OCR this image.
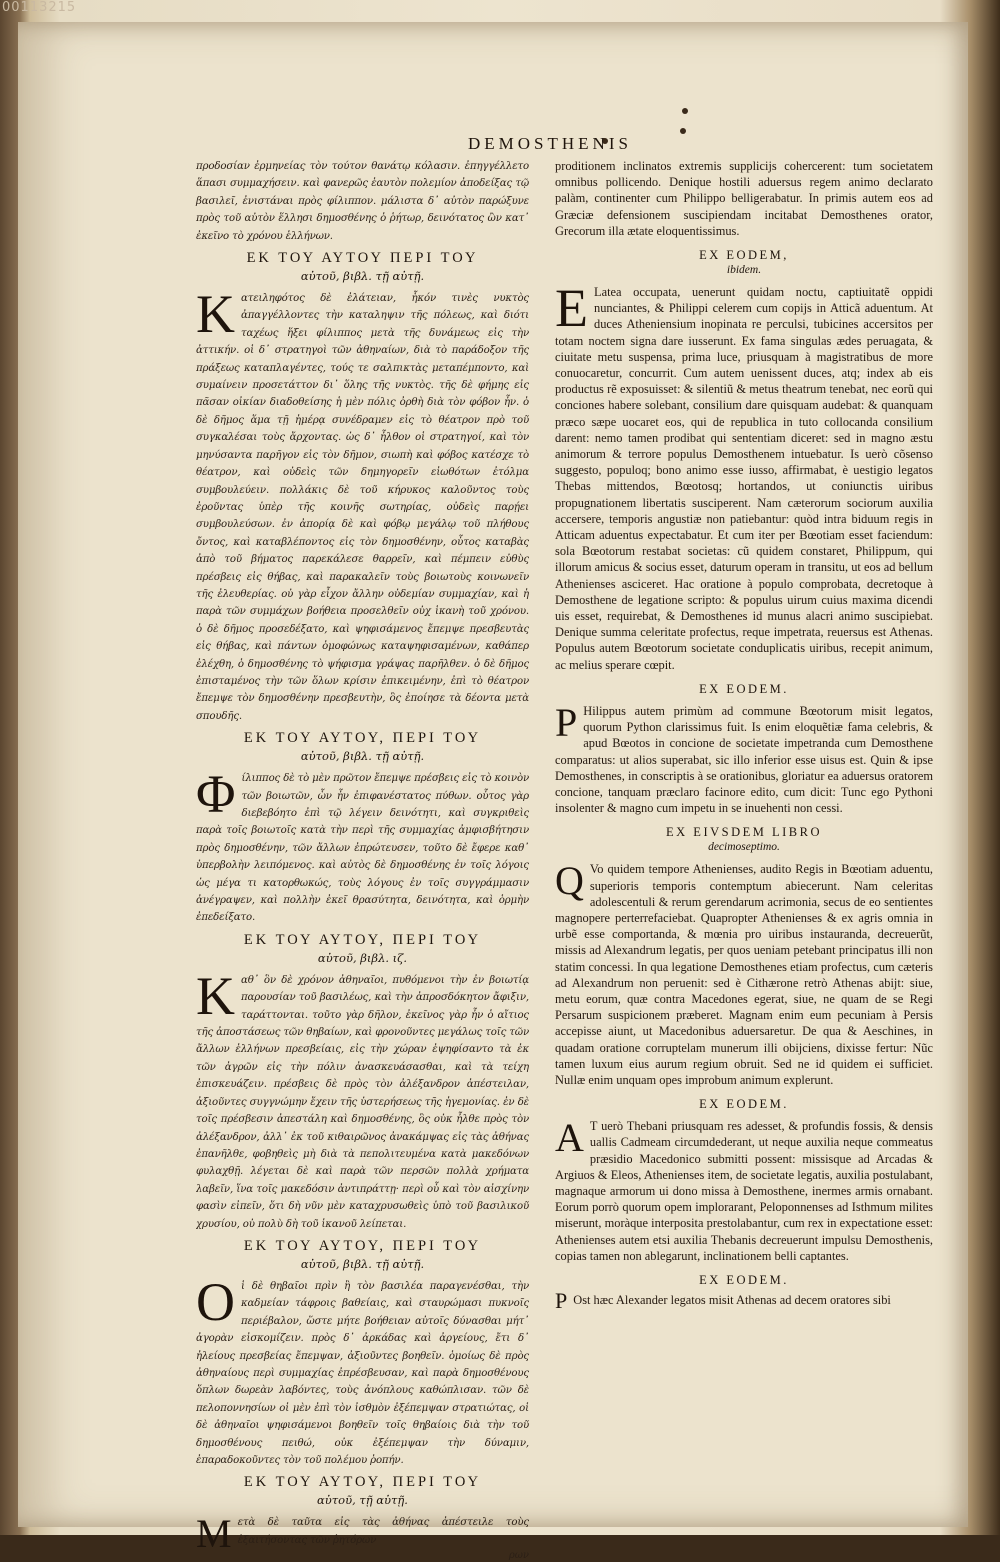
00113215
DEMOSTHENIS
προδοσίαν ἐρμηνείας τὸν τούτον θανάτῳ κόλασιν. ἐπηγγέλλετο ἅπασι συμμαχήσειν. καὶ φανερῶς ἑαυτὸν πολεμίον ἀποδείξας τῷ βασιλεῖ, ἐνιστάναι πρὸς φίλιππον. μάλιστα δ᾽ αὐτὸν παρώξυνε πρὸς τοῦ αὐτὸν ἕλλησι δημοσθένης ὁ ῥήτωρ, δεινότατος ὢν κατ᾽ ἐκεῖνο τὸ χρόνου ἑλλήνων.
ΕΚ ΤΟΥ ΑΥΤΟΥ ΠΕΡΙ ΤΟΥ
αὐτοῦ, βιβλ. τῇ αὐτῇ.
K ατειληφότος δὲ ἐλάτειαν, ἧκόν τινὲς νυκτὸς ἀπαγγέλλοντες τὴν καταληψιν τῆς πόλεως, καὶ διότι ταχέως ἥξει φίλιππος μετὰ τῆς δυνάμεως εἰς τὴν ἀττικήν. οἱ δ᾽ στρατηγοὶ τῶν ἀθηναίων, διὰ τὸ παράδοξον τῆς πράξεως καταπλαγέντες, τούς τε σαλπικτὰς μεταπέμποντο, καὶ συμαίνειν προσετάττον δι᾽ ὅλης τῆς νυκτὸς. τῆς δὲ φήμης εἰς πᾶσαν οἰκίαν διαδοθείσης ἡ μὲν πόλις ὀρθὴ διὰ τὸν φόβον ἦν. ὁ δὲ δῆμος ἅμα τῇ ἡμέρᾳ συνέδραμεν εἰς τὸ θέατρον πρὸ τοῦ συγκαλέσαι τοὺς ἄρχοντας. ὡς δ᾽ ἦλθον οἱ στρατηγοί, καὶ τὸν μηνύσαντα παρῆγον εἰς τὸν δῆμον, σιωπὴ καὶ φόβος κατέσχε τὸ θέατρον, καὶ οὐδεὶς τῶν δημηγορεῖν εἰωθότων ἐτόλμα συμβουλεύειν. πολλάκις δὲ τοῦ κήρυκος καλοῦντος τοὺς ἐροῦντας ὑπὲρ τῆς κοινῆς σωτηρίας, οὐδεὶς παρῄει συμβουλεύσων. ἐν ἀπορίᾳ δὲ καὶ φόβῳ μεγάλῳ τοῦ πλήθους ὄντος, καὶ καταβλέποντος εἰς τὸν δημοσθένην, οὗτος καταβὰς ἀπὸ τοῦ βήματος παρεκάλεσε θαρρεῖν, καὶ πέμπειν εὐθὺς πρέσβεις εἰς θήβας, καὶ παρακαλεῖν τοὺς βοιωτοὺς κοινωνεῖν τῆς ἐλευθερίας. οὐ γὰρ εἶχον ἄλλην οὐδεμίαν συμμαχίαν, καὶ ἡ παρὰ τῶν συμμάχων βοήθεια προσελθεῖν οὐχ ἱκανὴ τοῦ χρόνου. ὁ δὲ δῆμος προσεδέξατο, καὶ ψηφισάμενος ἔπεμψε πρεσβευτὰς εἰς θήβας, καὶ πάντων ὁμοφώνως καταψηφισαμένων, καθάπερ ἐλέχθη, ὁ δημοσθένης τὸ ψήφισμα γράψας παρῆλθεν. ὁ δὲ δῆμος ἐπισταμένος τὴν τῶν ὅλων κρίσιν ἐπικειμένην, ἐπὶ τὸ θέατρον ἔπεμψε τὸν δημοσθένην πρεσβευτὴν, ὃς ἐποίησε τὰ δέοντα μετὰ σπουδῆς.
ΕΚ ΤΟΥ ΑΥΤΟΥ, ΠΕΡΙ ΤΟΥ
αὐτοῦ, βιβλ. τῇ αὐτῇ.
Φ ίλιππος δὲ τὸ μὲν πρῶτον ἔπεμψε πρέσβεις εἰς τὸ κοινὸν τῶν βοιωτῶν, ὧν ἦν ἐπιφανέστατος πύθων. οὗτος γὰρ διεβεβόητο ἐπὶ τῷ λέγειν δεινότητι, καὶ συγκριθεὶς παρὰ τοῖς βοιωτοῖς κατὰ τὴν περὶ τῆς συμμαχίας ἀμφισβήτησιν πρὸς δημοσθένην, τῶν ἄλλων ἐπρώτευσεν, τοῦτο δὲ ἔφερε καθ᾽ ὑπερβολὴν λειπόμενος. καὶ αὐτὸς δὲ δημοσθένης ἐν τοῖς λόγοις ὡς μέγα τι κατορθωκώς, τοὺς λόγους ἐν τοῖς συγγράμμασιν ἀνέγραψεν, καὶ πολλὴν ἐκεῖ θρασύτητα, δεινότητα, καὶ ὁρμὴν ἐπεδείξατο.
ΕΚ ΤΟΥ ΑΥΤΟΥ, ΠΕΡΙ ΤΟΥ
αὐτοῦ, βιβλ. ιζ.
K αθ᾽ ὃν δὲ χρόνον ἀθηναῖοι, πυθόμενοι τὴν ἐν βοιωτίᾳ παρουσίαν τοῦ βασιλέως, καὶ τὴν ἀπροσδόκητον ἄφιξιν, ταράττονται. τοῦτο γὰρ δῆλον, ἐκεῖνος γὰρ ἦν ὁ αἴτιος τῆς ἀποστάσεως τῶν θηβαίων, καὶ φρονοῦντες μεγάλως τοῖς τῶν ἄλλων ἑλλήνων πρεσβείαις, εἰς τὴν χώραν ἐψηφίσαντο τὰ ἐκ τῶν ἀγρῶν εἰς τὴν πόλιν ἀνασκευάσασθαι, καὶ τὰ τείχη ἐπισκευάζειν. πρέσβεις δὲ πρὸς τὸν ἀλέξανδρον ἀπέστειλαν, ἀξιοῦντες συγγνώμην ἔχειν τῆς ὑστερήσεως τῆς ἡγεμονίας. ἐν δὲ τοῖς πρέσβεσιν ἀπεστάλη καὶ δημοσθένης, ὃς οὐκ ἦλθε πρὸς τὸν ἀλέξανδρον, ἀλλ᾽ ἐκ τοῦ κιθαιρῶνος ἀνακάμψας εἰς τὰς ἀθήνας ἐπανῆλθε, φοβηθεὶς μὴ διὰ τὰ πεπολιτευμένα κατὰ μακεδόνων φυλαχθῇ. λέγεται δὲ καὶ παρὰ τῶν περσῶν πολλὰ χρήματα λαβεῖν, ἵνα τοῖς μακεδόσιν ἀντιπράττῃ· περὶ οὗ καὶ τὸν αἰσχίνην φασὶν εἰπεῖν, ὅτι δὴ νῦν μὲν καταχρυσωθεὶς ὑπὸ τοῦ βασιλικοῦ χρυσίου, οὐ πολὺ δὴ τοῦ ἱκανοῦ λείπεται.
ΕΚ ΤΟΥ ΑΥΤΟΥ, ΠΕΡΙ ΤΟΥ
αὐτοῦ, βιβλ. τῇ αὐτῇ.
O ἱ δὲ θηβαῖοι πρὶν ἢ τὸν βασιλέα παραγενέσθαι, τὴν καδμείαν τάφροις βαθείαις, καὶ σταυρώμασι πυκνοῖς περιέβαλον, ὥστε μήτε βοήθειαν αὐτοῖς δύνασθαι μήτ᾽ ἀγορὰν εἰσκομίζειν. πρὸς δ᾽ ἀρκάδας καὶ ἀργείους, ἔτι δ᾽ ἠλείους πρεσβείας ἔπεμψαν, ἀξιοῦντες βοηθεῖν. ὁμοίως δὲ πρὸς ἀθηναίους περὶ συμμαχίας ἐπρέσβευσαν, καὶ παρὰ δημοσθένους ὅπλων δωρεὰν λαβόντες, τοὺς ἀνόπλους καθώπλισαν. τῶν δὲ πελοποννησίων οἱ μὲν ἐπὶ τὸν ἰσθμὸν ἐξέπεμψαν στρατιώτας, οἱ δὲ ἀθηναῖοι ψηφισάμενοι βοηθεῖν τοῖς θηβαίοις διὰ τὴν τοῦ δημοσθένους πειθώ, οὐκ ἐξέπεμψαν τὴν δύναμιν, ἐπαραδοκοῦντες τὸν τοῦ πολέμου ῥοπήν.
ΕΚ ΤΟΥ ΑΥΤΟΥ, ΠΕΡΙ ΤΟΥ
αὐτοῦ, τῇ αὐτῇ.
M ετὰ δὲ ταῦτα εἰς τὰς ἀθήνας ἀπέστειλε τοὺς ἐξαιτήσοντας τῶν ῥητόρων
ρων
proditionem inclinatos extremis supplicijs cohercerent: tum societatem omnibus pollicendo. Denique hostili aduersus regem animo declarato palàm, continenter cum Philippo belligerabatur. In primis autem eos ad Græciæ defensionem suscipiendam incitabat Demosthenes orator, Grecorum illa ætate eloquentissimus.
EX EODEM,
ibidem.
E Latea occupata, uenerunt quidam noctu, captiuitatẽ oppidi nunciantes, & Philippi celerem cum copijs in Atticã aduentum. At duces Atheniensium inopinata re perculsi, tubicines accersitos per totam noctem signa dare iusserunt. Ex fama singulas ædes peruagata, & ciuitate metu suspensa, prima luce, priusquam à magistratibus de more conuocaretur, concurrit. Cum autem uenissent duces, atq; index ab eis productus rẽ exposuisset: & silentiũ & metus theatrum tenebat, nec eorũ qui conciones habere solebant, consilium dare quisquam audebat: & quanquam præco sæpe uocaret eos, qui de republica in tuto collocanda consilium darent: nemo tamen prodibat qui sententiam diceret: sed in magno æstu animorum & terrore populus Demosthenem intuebatur. Is uerò cõsenso suggesto, populoq; bono animo esse iusso, affirmabat, è uestigio legatos Thebas mittendos, Bœotosq; hortandos, ut coniunctis uiribus propugnationem libertatis susciperent. Nam cæterorum sociorum auxilia accersere, temporis angustiæ non patiebantur: quòd intra biduum regis in Atticam aduentus expectabatur. Et cum iter per Bœotiam esset faciendum: sola Bœotorum restabat societas: cũ quidem constaret, Philippum, qui illorum amicus & socius esset, daturum operam in transitu, ut eos ad bellum Athenienses asciceret. Hac oratione à populo comprobata, decretoque à Demosthene de legatione scripto: & populus uirum cuius maxima dicendi uis esset, requirebat, & Demosthenes id munus alacri animo suscipiebat. Denique summa celeritate profectus, reque impetrata, reuersus est Athenas. Populus autem Bœotorum societate conduplicatis uiribus, recepit animum, ac melius sperare cœpit.
EX EODEM.
P Hilippus autem primùm ad commune Bœotorum misit legatos, quorum Python clarissimus fuit. Is enim eloquẽtiæ fama celebris, & apud Bœotos in concione de societate impetranda cum Demosthene comparatus: ut alios superabat, sic illo inferior esse uisus est. Quin & ipse Demosthenes, in conscriptis à se orationibus, gloriatur ea aduersus oratorem concione, tanquam præclaro facinore edito, cum dicit: Tunc ego Pythoni insolenter & magno cum impetu in se inuehenti non cessi.
EX EIVSDEM LIBRO
decimoseptimo.
Q Vo quidem tempore Athenienses, audito Regis in Bœotiam aduentu, superioris temporis contemptum abiecerunt. Nam celeritas adolescentuli & rerum gerendarum acrimonia, secus de eo sentientes magnopere perterrefaciebat. Quapropter Athenienses & ex agris omnia in urbẽ esse comportanda, & mœnia pro uiribus instauranda, decreuerũt, missis ad Alexandrum legatis, per quos ueniam petebant principatus illi non statim concessi. In qua legatione Demosthenes etiam profectus, cum cæteris ad Alexandrum non peruenit: sed è Cithærone retrò Athenas abijt: siue, metu eorum, quæ contra Macedones egerat, siue, ne quam de se Regi Persarum suspicionem præberet. Magnam enim eum pecuniam à Persis accepisse aiunt, ut Macedonibus aduersaretur. De qua & Aeschines, in quadam oratione corruptelam munerum illi obijciens, dixisse fertur: Nũc tamen luxum eius aurum regium obruit. Sed ne id quidem ei sufficiet. Nullæ enim unquam opes improbum animum explerunt.
EX EODEM.
A T uerò Thebani priusquam res adesset, & profundis fossis, & densis uallis Cadmeam circumdederant, ut neque auxilia neque commeatus præsidio Macedonico submitti possent: missisque ad Arcadas & Argiuos & Eleos, Athenienses item, de societate legatis, auxilia postulabant, magnaque armorum ui dono missa à Demosthene, inermes armis ornabant. Eorum porrò quorum opem implorarant, Peloponnenses ad Isthmum milites miserunt, moràque interposita prestolabantur, cum rex in expectatione esset: Athenienses autem etsi auxilia Thebanis decreuerunt impulsu Demosthenis, copias tamen non ablegarunt, inclinationem belli captantes.
EX EODEM.
P Ost hæc Alexander legatos misit Athenas ad decem oratores sibi
